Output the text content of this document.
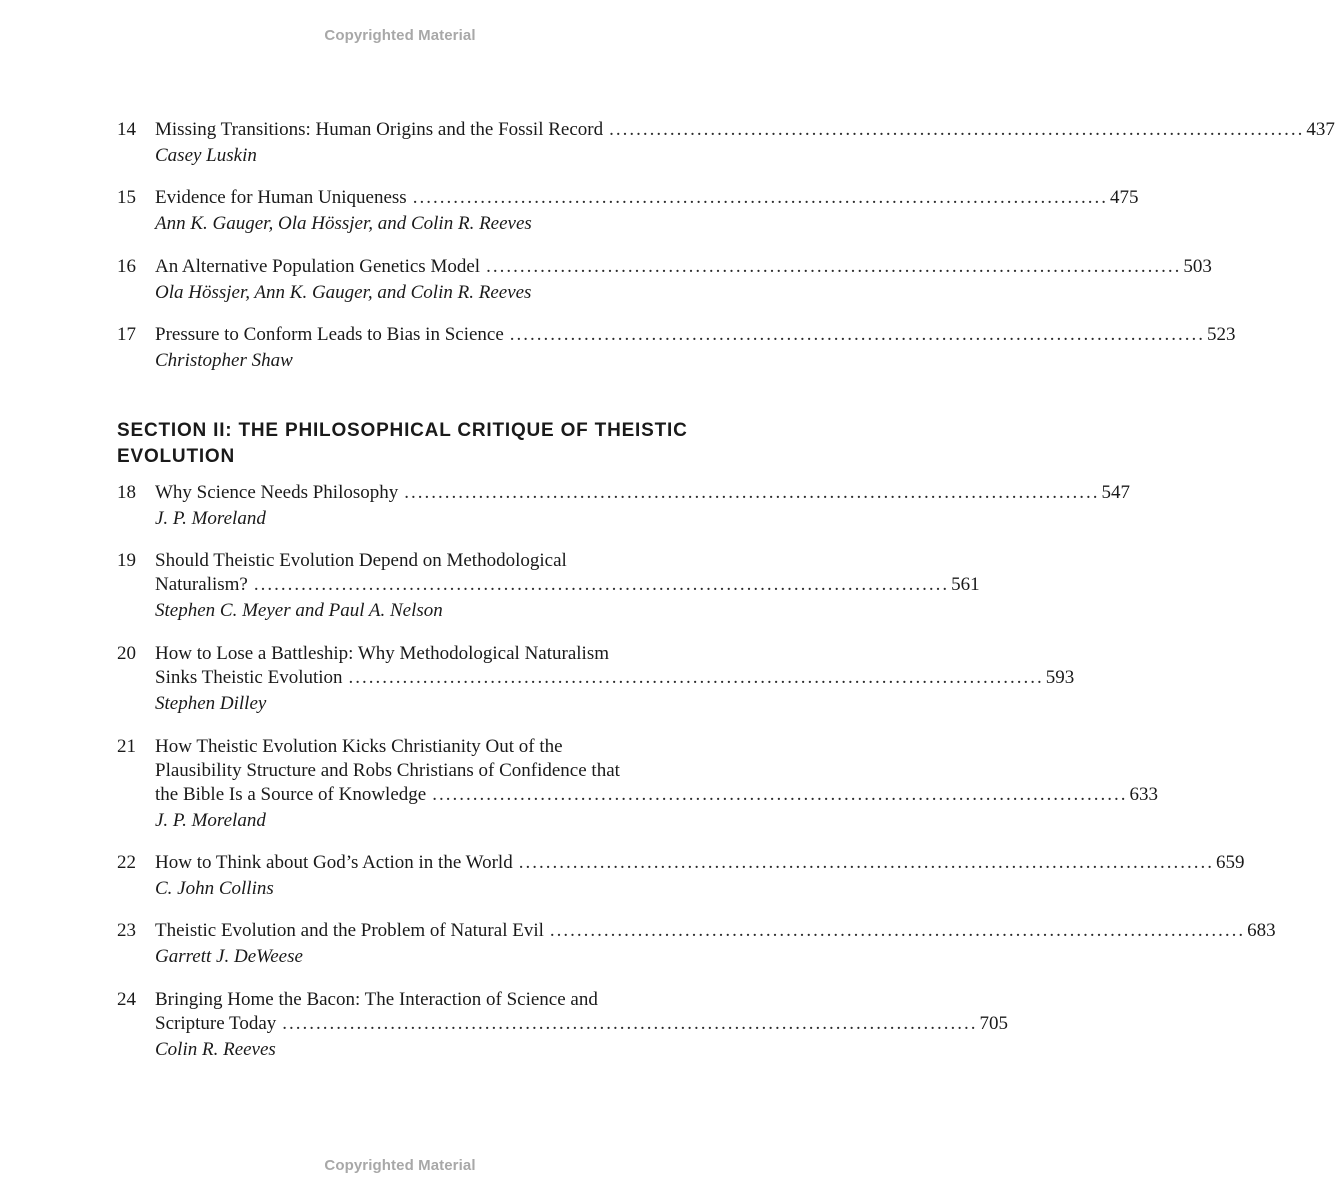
Copyrighted Material
14	Missing Transitions: Human Origins and the Fossil Record ....................................................................................................... 437
Casey Luskin
15	Evidence for Human Uniqueness ....................................................................................................... 475
Ann K. Gauger, Ola Hössjer, and Colin R. Reeves
16	An Alternative Population Genetics Model ....................................................................................................... 503
Ola Hössjer, Ann K. Gauger, and Colin R. Reeves
17	Pressure to Conform Leads to Bias in Science ....................................................................................................... 523
Christopher Shaw
SECTION II: THE PHILOSOPHICAL CRITIQUE OF THEISTIC EVOLUTION
18	Why Science Needs Philosophy ....................................................................................................... 547
J. P. Moreland
19	Should Theistic Evolution Depend on Methodological
Naturalism? ....................................................................................................... 561
Stephen C. Meyer and Paul A. Nelson
20	How to Lose a Battleship: Why Methodological Naturalism
Sinks Theistic Evolution ....................................................................................................... 593
Stephen Dilley
21	How Theistic Evolution Kicks Christianity Out of the
Plausibility Structure and Robs Christians of Confidence that
the Bible Is a Source of Knowledge ....................................................................................................... 633
J. P. Moreland
22	How to Think about God’s Action in the World ....................................................................................................... 659
C. John Collins
23	Theistic Evolution and the Problem of Natural Evil ....................................................................................................... 683
Garrett J. DeWeese
24	Bringing Home the Bacon: The Interaction of Science and
Scripture Today ....................................................................................................... 705
Colin R. Reeves
Copyrighted Material
